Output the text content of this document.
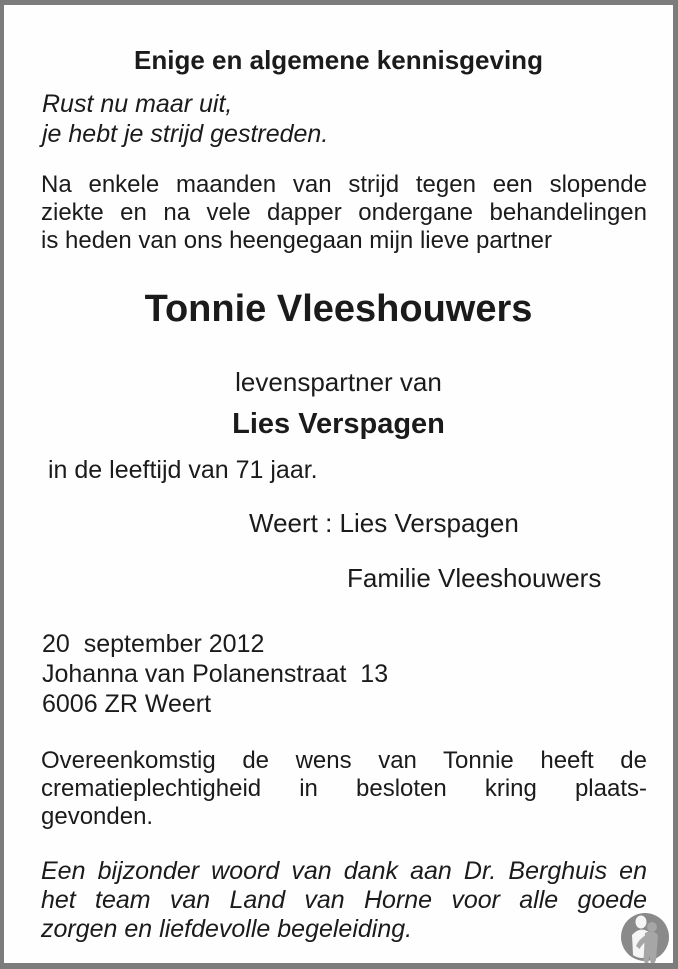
Enige en algemene kennisgeving
Rust nu maar uit,
je hebt je strijd gestreden.
Na enkele maanden van strijd tegen een slopende
ziekte en na vele dapper ondergane behandelingen
is heden van ons heengegaan mijn lieve partner
Tonnie Vleeshouwers
levenspartner van
Lies Verspagen
in de leeftijd van 71 jaar.
Weert : Lies Verspagen
Familie Vleeshouwers
20  september 2012
Johanna van Polanenstraat  13
6006 ZR Weert
Overeenkomstig de wens van Tonnie heeft de
crematieplechtigheid in besloten kring plaats-
gevonden.
Een bijzonder woord van dank aan Dr. Berghuis en
het team van Land van Horne voor alle goede
zorgen en liefdevolle begeleiding.
